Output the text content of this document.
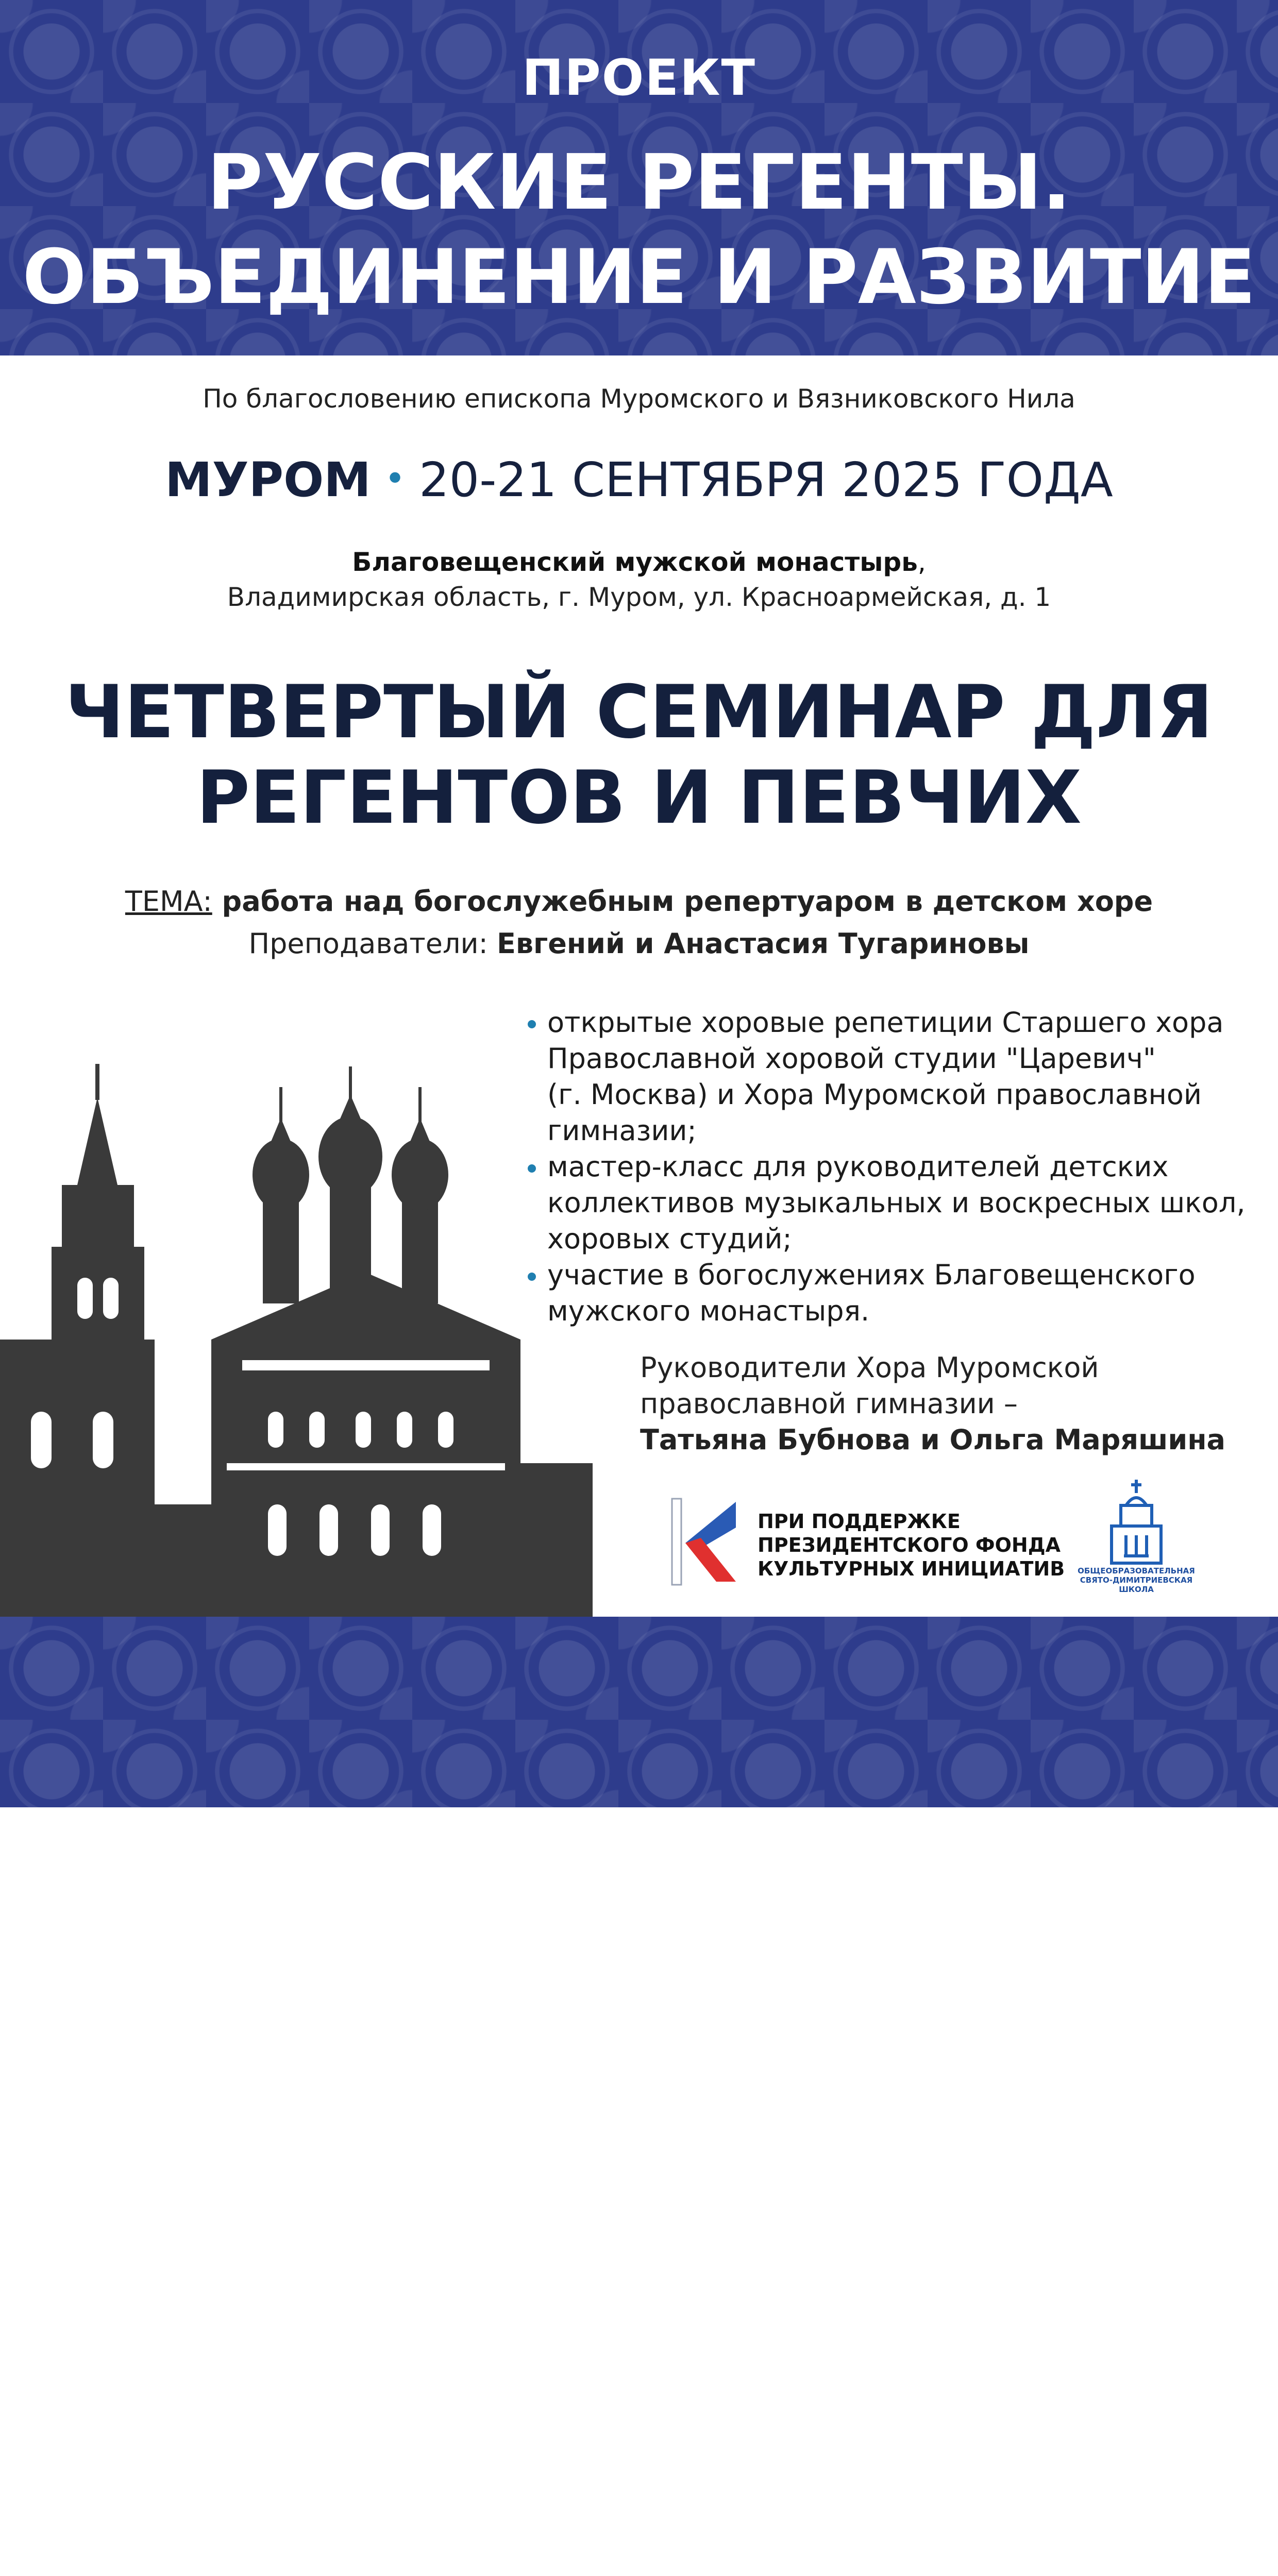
ПРОЕКТ
РУССКИЕ РЕГЕНТЫ.
ОБЪЕДИНЕНИЕ И РАЗВИТИЕ
По благословению епископа Муромского и Вязниковского Нила
МУРОМ • 20-21 СЕНТЯБРЯ 2025 ГОДА
Благовещенский мужской монастырь,
Владимирская область, г. Муром, ул. Красноармейская, д. 1
ЧЕТВЕРТЫЙ СЕМИНАР ДЛЯ
РЕГЕНТОВ И ПЕВЧИХ
ТЕМА: работа над богослужебным репертуаром в детском хоре
Преподаватели: Евгений и Анастасия Тугариновы
открытые хоровые репетиции Старшего хора
Православной хоровой студии "Царевич"
(г. Москва) и Хора Муромской православной
гимназии;
мастер-класс для руководителей детских
коллективов музыкальных и воскресных школ,
хоровых студий;
участие в богослужениях Благовещенского
мужского монастыря.
Руководители Хора Муромской
православной гимназии –
Татьяна Бубнова и Ольга Маряшина
ПРИ ПОДДЕРЖКЕ
ПРЕЗИДЕНТСКОГО ФОНДА
КУЛЬТУРНЫХ ИНИЦИАТИВ	ОБЩЕОБРАЗОВАТЕЛЬНАЯ
СВЯТО-ДИМИТРИЕВСКАЯ
ШКОЛА
